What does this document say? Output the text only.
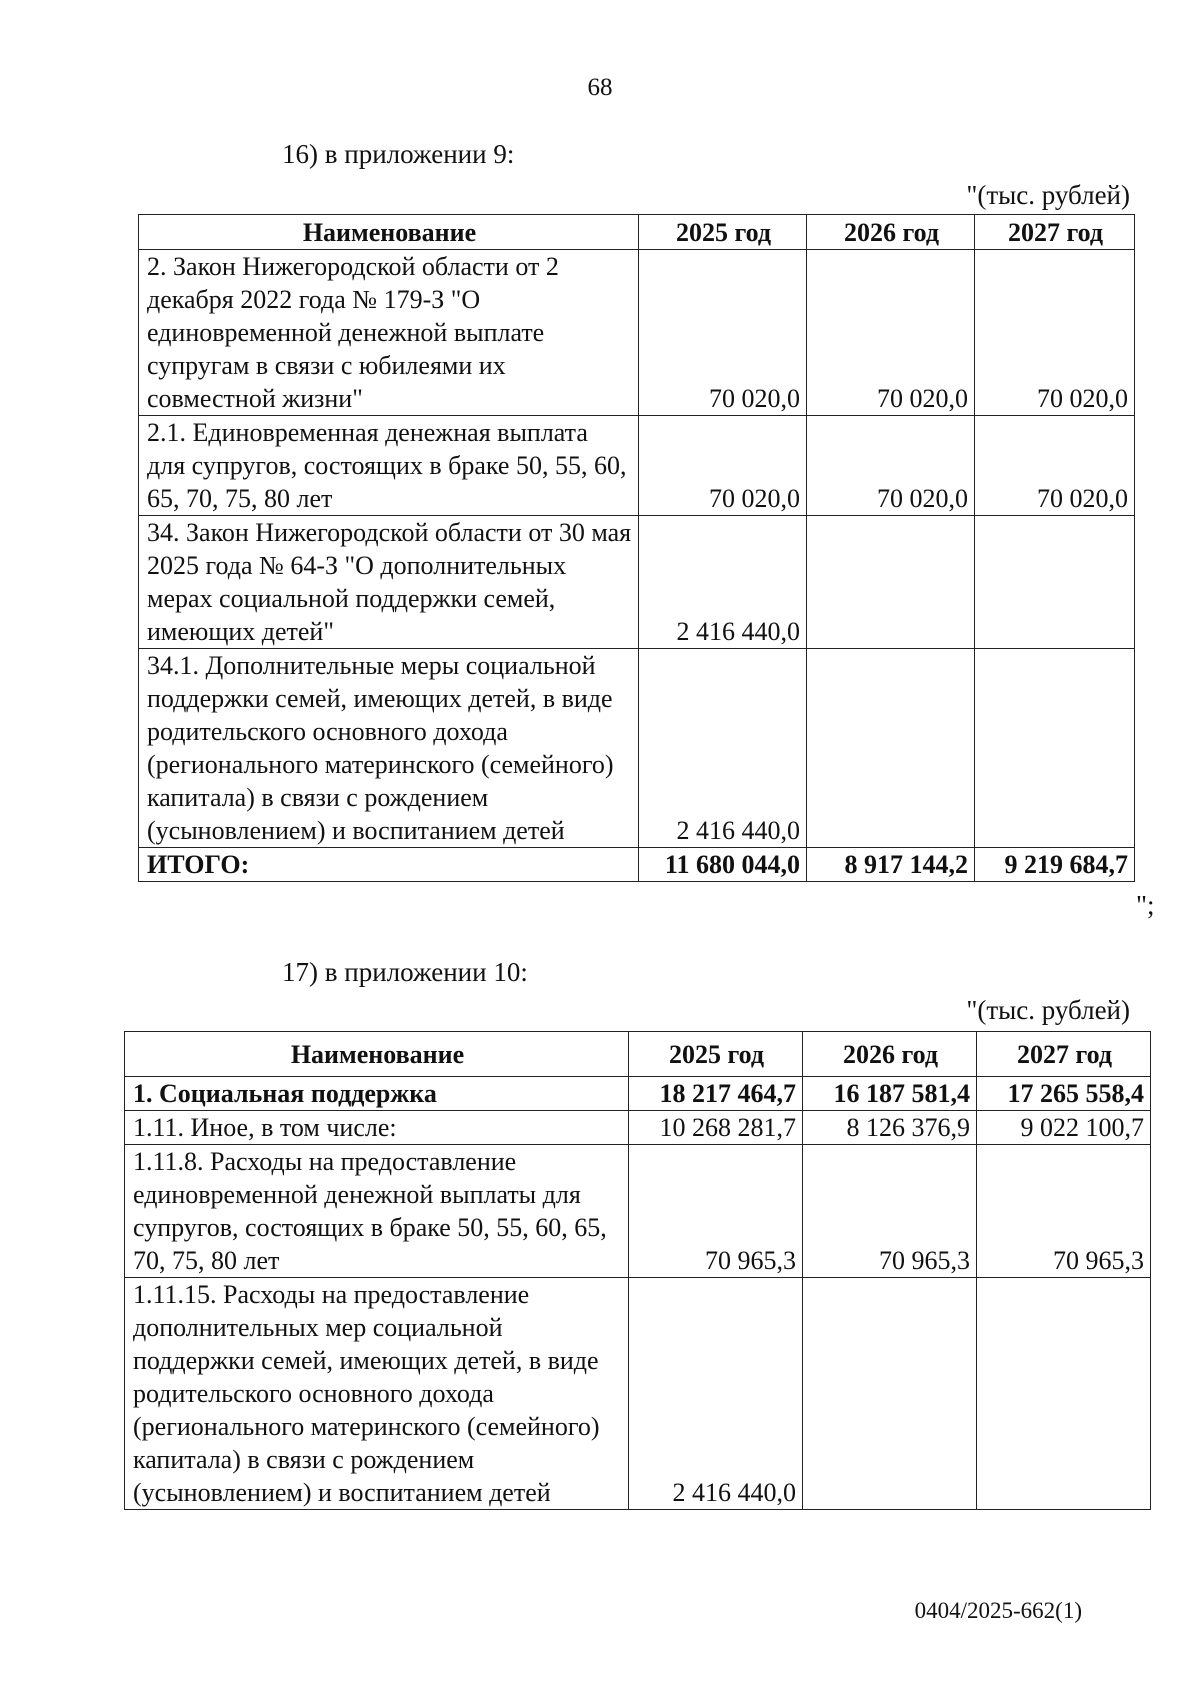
68
16) в приложении 9:
"(тыс. рублей)
Наименование	2025 год	2026 год	2027 год
2. Закон Нижегородской области от 2 декабря 2022 года № 179-З "О единовременной денежной выплате супругам в связи с юбилеями их совместной жизни"	70 020,0	70 020,0	70 020,0
2.1. Единовременная денежная выплата для супругов, состоящих в браке 50, 55, 60, 65, 70, 75, 80 лет	70 020,0	70 020,0	70 020,0
34. Закон Нижегородской области от 30 мая 2025 года № 64-З "О дополнительных мерах социальной поддержки семей, имеющих детей"	2 416 440,0		
34.1. Дополнительные меры социальной поддержки семей, имеющих детей, в виде родительского основного дохода (регионального материнского (семейного) капитала) в связи с рождением (усыновлением) и воспитанием детей	2 416 440,0		
ИТОГО:	11 680 044,0	8 917 144,2	9 219 684,7
";
17) в приложении 10:
"(тыс. рублей)
Наименование	2025 год	2026 год	2027 год
1. Социальная поддержка	18 217 464,7	16 187 581,4	17 265 558,4
1.11. Иное, в том числе:	10 268 281,7	8 126 376,9	9 022 100,7
1.11.8. Расходы на предоставление единовременной денежной выплаты для супругов, состоящих в браке 50, 55, 60, 65, 70, 75, 80 лет	70 965,3	70 965,3	70 965,3
1.11.15. Расходы на предоставление дополнительных мер социальной поддержки семей, имеющих детей, в виде родительского основного дохода (регионального материнского (семейного) капитала) в связи с рождением (усыновлением) и воспитанием детей	2 416 440,0		
0404/2025-662(1)
